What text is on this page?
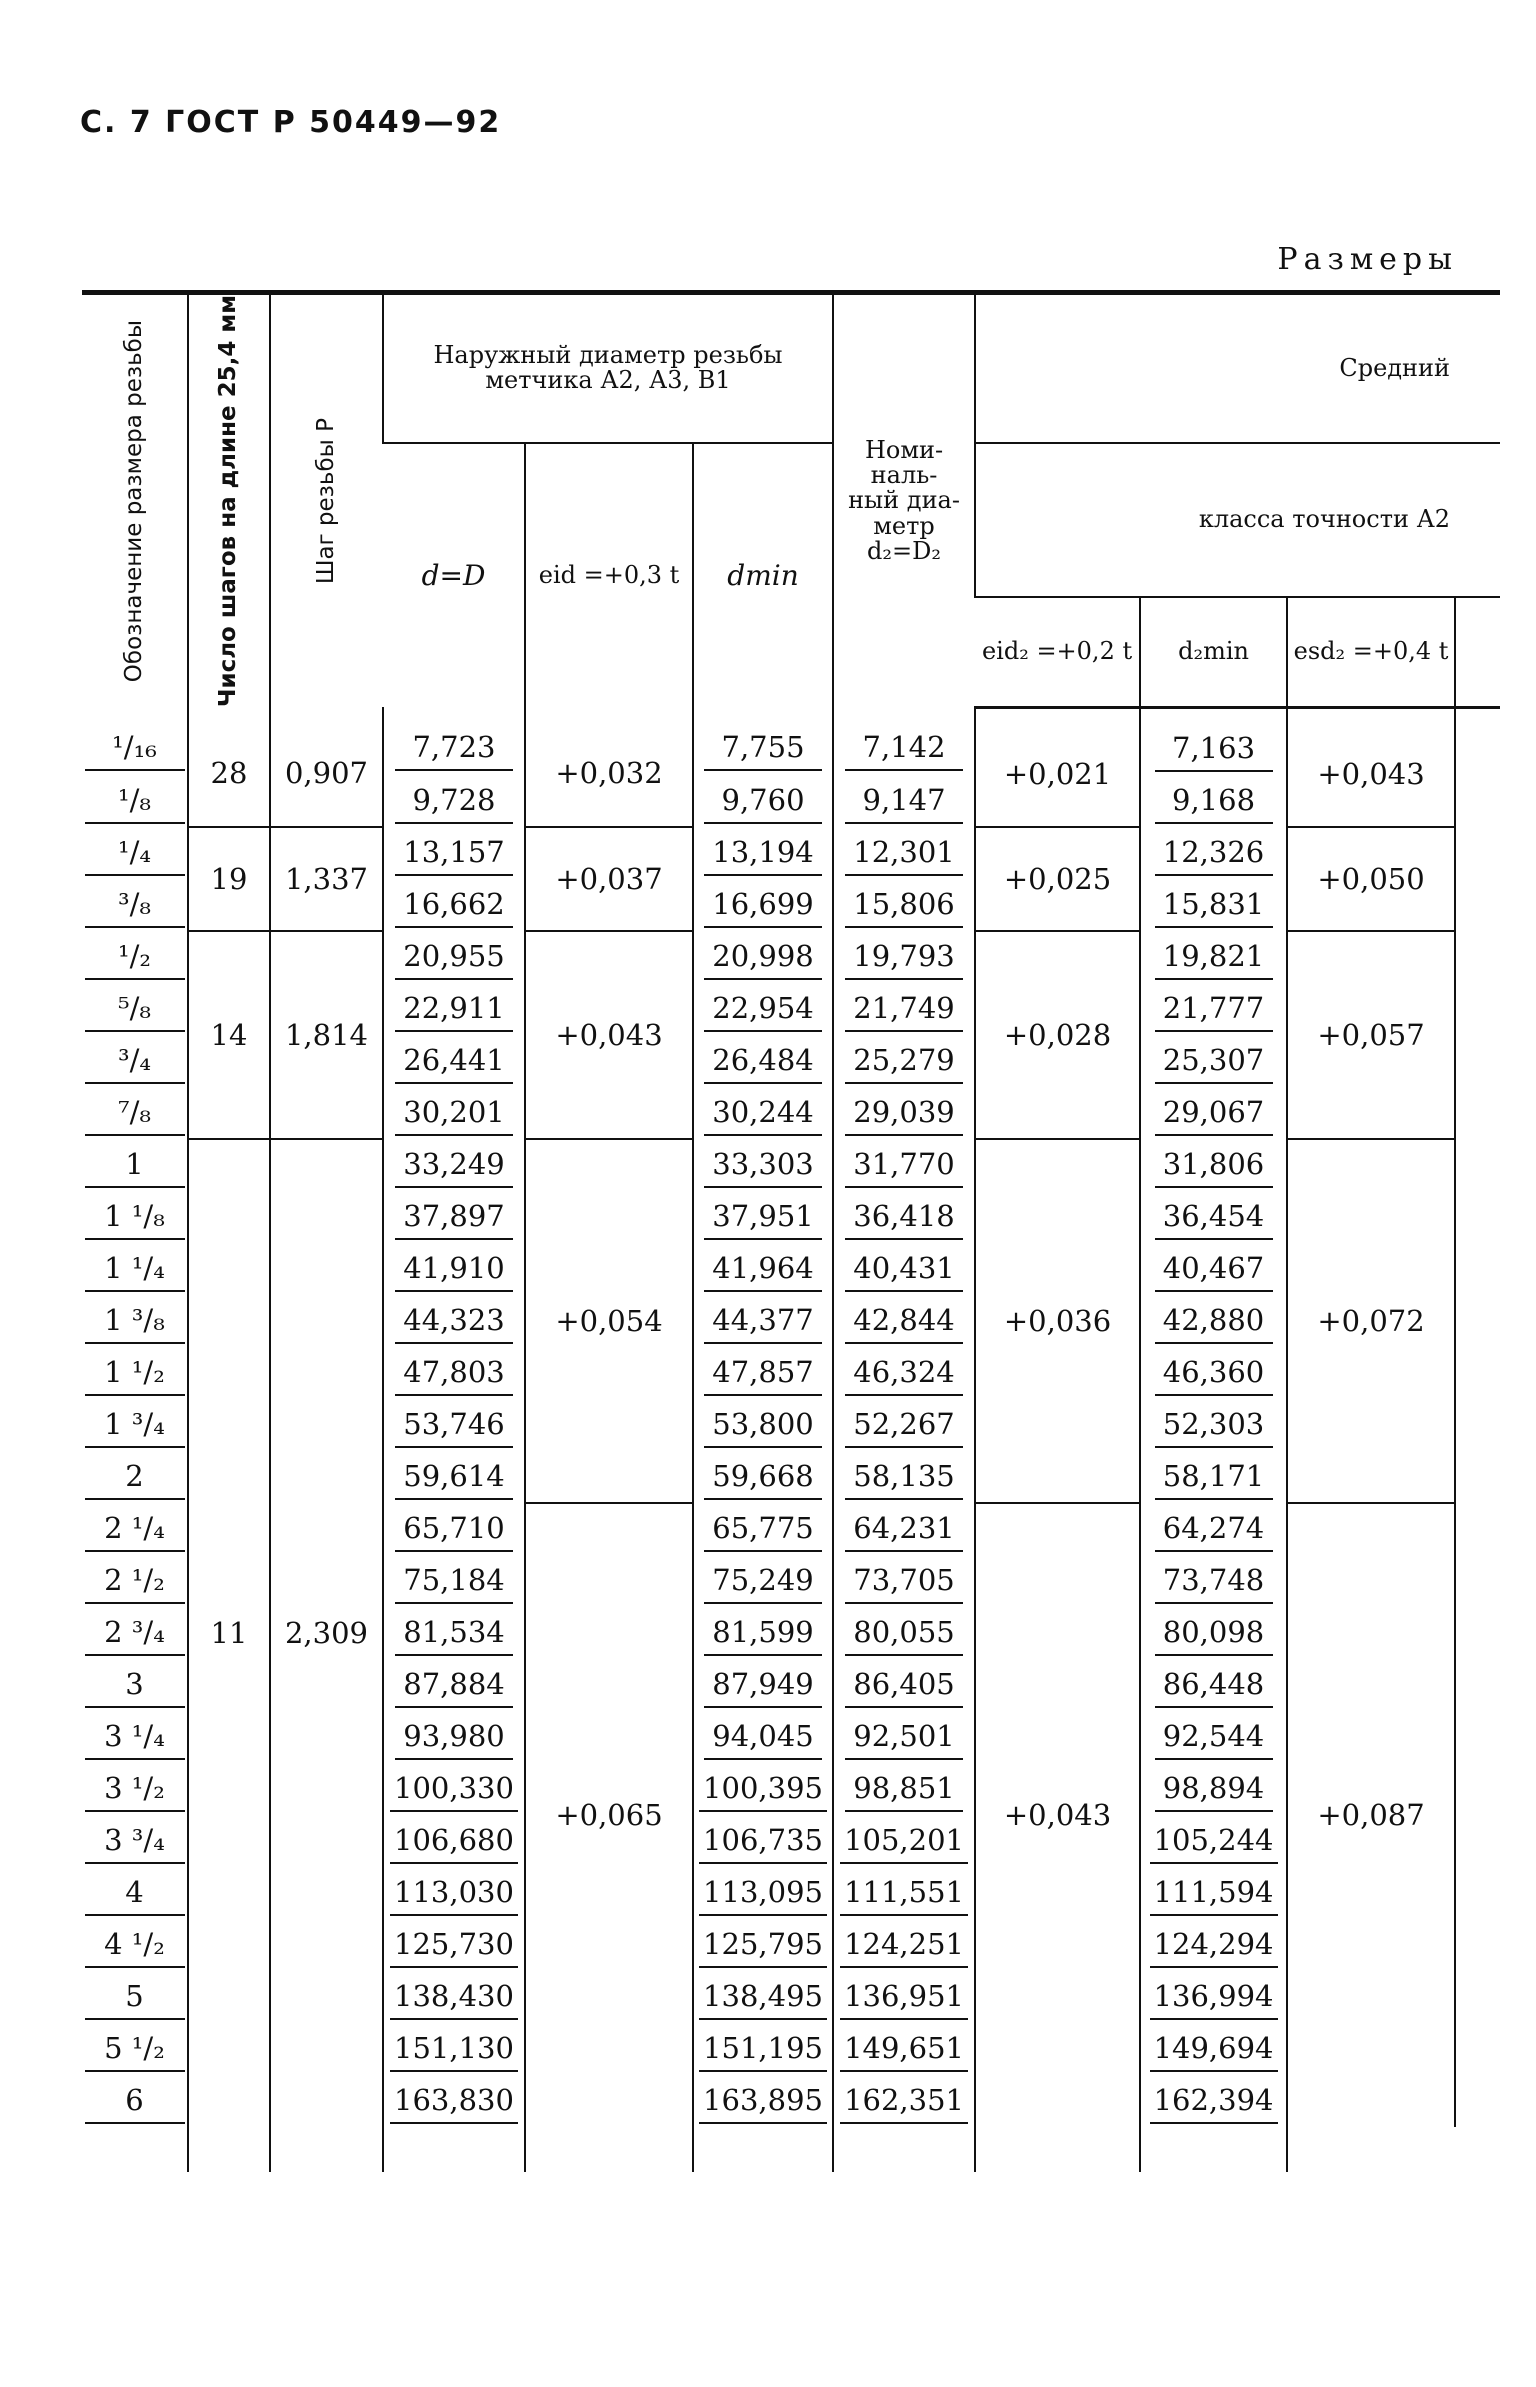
С. 7 ГОСТ Р 50449—92
Размеры
Обозначение размера резьбы	Число шагов на длине 25,4 мм	Шаг резьбы P	Наружный диаметр резьбы метчика А2, А3, В1			Номи-наль-ный диа-метр d₂=D₂	Средний			
			d=D	eid =+0,3 t	dmin		класса точности А2			
							eid₂ =+0,2 t	d₂min	esd₂ =+0,4 t	
¹/₁₆	28	0,907	7,723	+0,032	7,755	7,142	+0,021	7,163	+0,043	
¹/₈			9,728		9,760	9,147		9,168		
¹/₄	19	1,337	13,157	+0,037	13,194	12,301	+0,025	12,326	+0,050	
³/₈			16,662		16,699	15,806		15,831		
¹/₂	14	1,814	20,955	+0,043	20,998	19,793	+0,028	19,821	+0,057	
⁵/₈			22,911		22,954	21,749		21,777		
³/₄			26,441		26,484	25,279		25,307		
⁷/₈			30,201		30,244	29,039		29,067		
1	11	2,309	33,249	+0,054	33,303	31,770	+0,036	31,806	+0,072	
1 ¹/₈			37,897		37,951	36,418		36,454		
1 ¹/₄			41,910		41,964	40,431		40,467		
1 ³/₈			44,323		44,377	42,844		42,880		
1 ¹/₂			47,803		47,857	46,324		46,360		
1 ³/₄			53,746		53,800	52,267		52,303		
2			59,614		59,668	58,135		58,171		
2 ¹/₄			65,710	+0,065	65,775	64,231	+0,043	64,274	+0,087	
2 ¹/₂			75,184		75,249	73,705		73,748		
2 ³/₄			81,534		81,599	80,055		80,098		
3			87,884		87,949	86,405		86,448		
3 ¹/₄			93,980		94,045	92,501		92,544		
3 ¹/₂			100,330		100,395	98,851		98,894		
3 ³/₄			106,680		106,735	105,201		105,244		
4			113,030		113,095	111,551		111,594		
4 ¹/₂			125,730		125,795	124,251		124,294		
5			138,430		138,495	136,951		136,994		
5 ¹/₂			151,130		151,195	149,651		149,694		
6			163,830		163,895	162,351		162,394		
